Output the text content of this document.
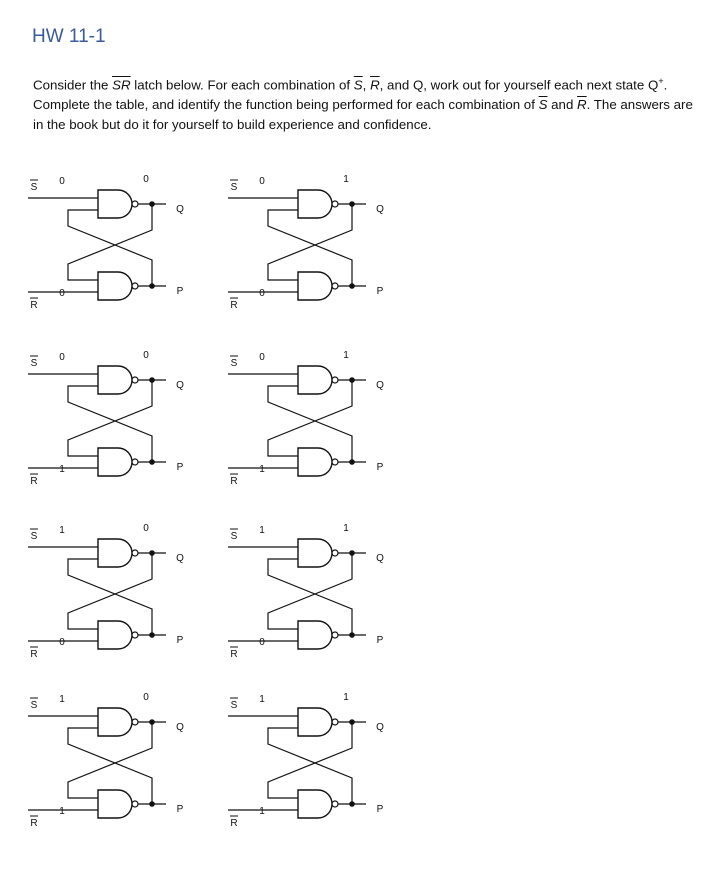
HW 11-1
Consider the $\overline{SR}$ latch below. For each combination of $\overline{S}$, $\overline{R}$, and Q, work out for yourself each next state Q+. Complete the table, and identify the function being performed for each combination of $\overline{S}$ and $\overline{R}$. The answers are in the book but do it for yourself to build experience and confidence.
S
R
0
0
0
Q
P
S
R
0
0
1
Q
P
S
R
0
1
0
Q
P
S
R
0
1
1
Q
P
S
R
1
0
0
Q
P
S
R
1
0
1
Q
P
S
R
1
1
0
Q
P
S
R
1
1
1
Q
P
